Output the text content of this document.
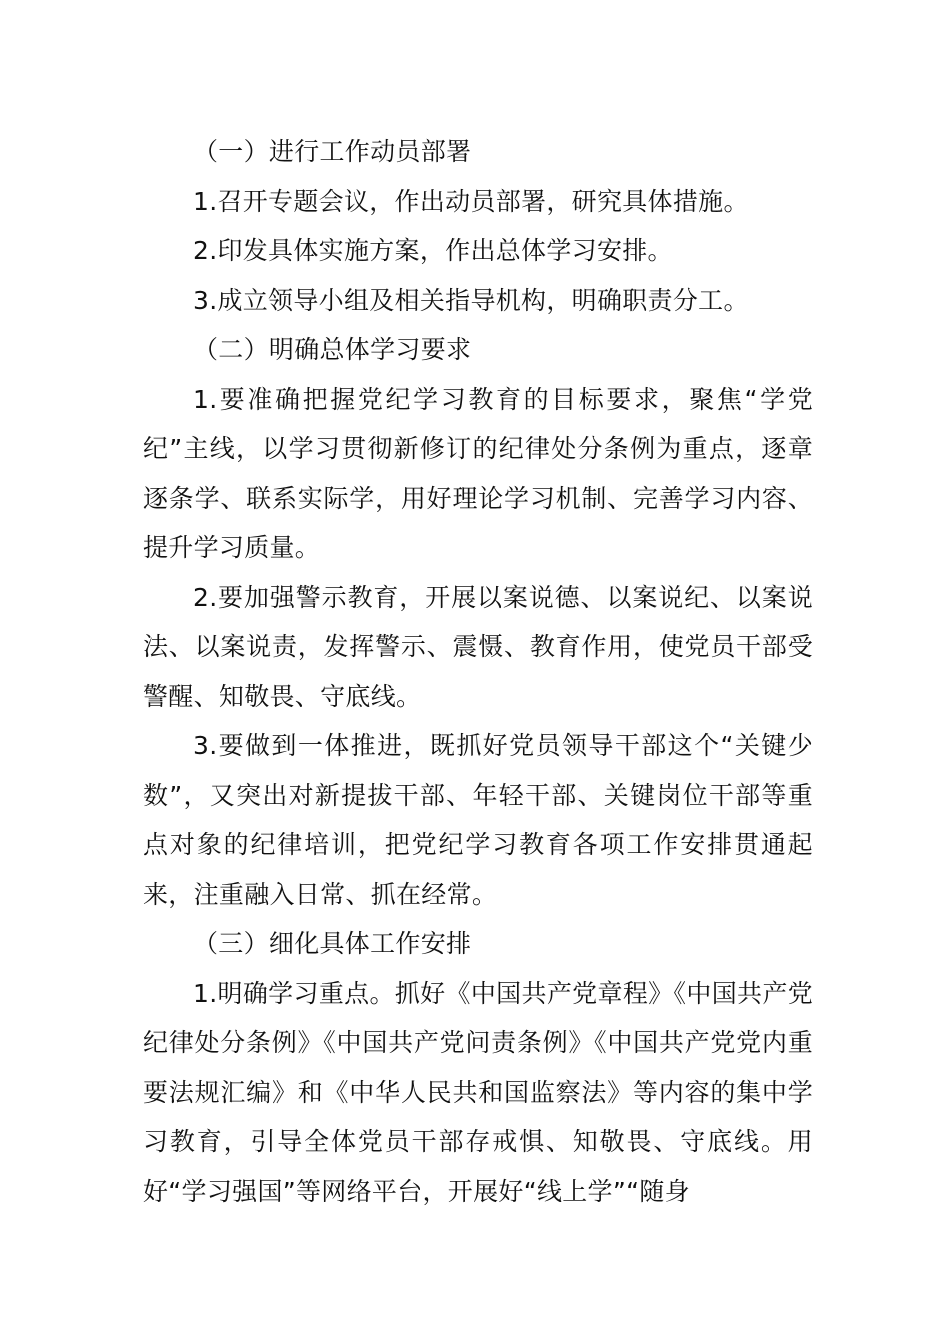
（一）进行工作动员部署

1.召开专题会议，作出动员部署，研究具体措施。

2.印发具体实施方案，作出总体学习安排。

3.成立领导小组及相关指导机构，明确职责分工。

（二）明确总体学习要求

1.要准确把握党纪学习教育的目标要求，聚焦“学党纪”主线，以学习贯彻新修订的纪律处分条例为重点，逐章逐条学、联系实际学，用好理论学习机制、完善学习内容、提升学习质量。

2.要加强警示教育，开展以案说德、以案说纪、以案说法、以案说责，发挥警示、震慑、教育作用，使党员干部受警醒、知敬畏、守底线。

3.要做到一体推进，既抓好党员领导干部这个“关键少数”，又突出对新提拔干部、年轻干部、关键岗位干部等重点对象的纪律培训，把党纪学习教育各项工作安排贯通起来，注重融入日常、抓在经常。

（三）细化具体工作安排

1.明确学习重点。抓好《中国共产党章程》《中国共产党纪律处分条例》《中国共产党问责条例》《中国共产党党内重要法规汇编》和《中华人民共和国监察法》等内容的集中学习教育，引导全体党员干部存戒惧、知敬畏、守底线。用好“学习强国”等网络平台，开展好“线上学”“随身
